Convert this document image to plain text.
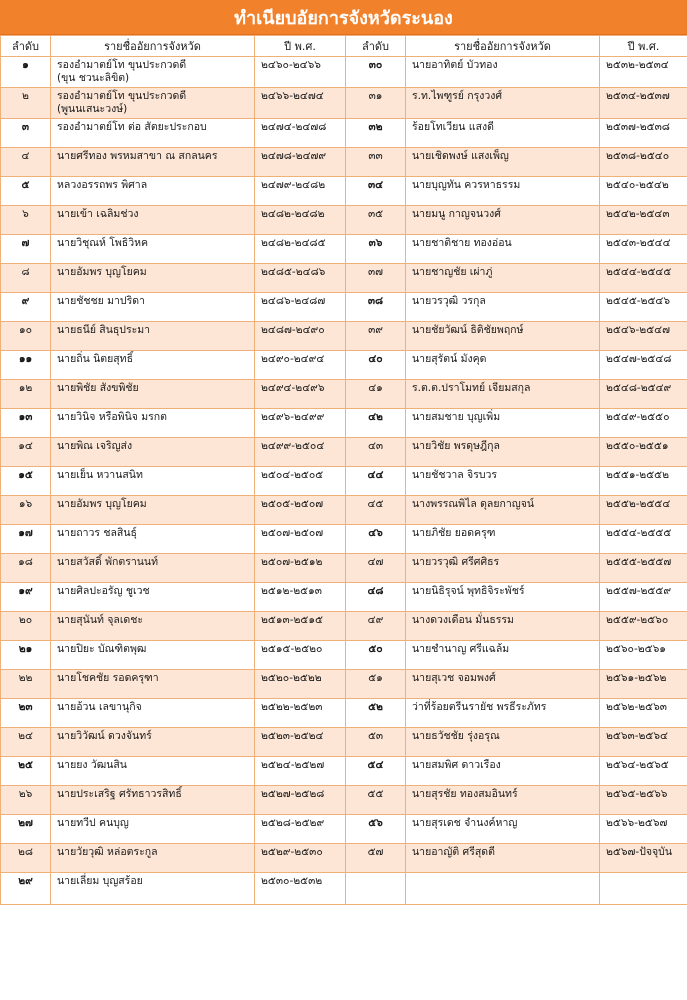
ทำเนียบอัยการจังหวัดระนอง
ลำดับ	รายชื่ออัยการจังหวัด	ปี พ.ศ.	ลำดับ	รายชื่ออัยการจังหวัด	ปี พ.ศ.
๑	รองอำมาตย์โท ขุนประกวดดี
(ขุน ชวนะลิขิต)	๒๔๖๐-๒๔๖๖	๓๐	นายอาทิตย์ บัวทอง	๒๕๓๒-๒๕๓๔
๒	รองอำมาตย์โท ขุนประกวดดี
(พูนนเสนะวงษ์)	๒๔๖๖-๒๔๗๔	๓๑	ร.ท.ไพฑูรย์ กรุงวงศ์	๒๕๓๔-๒๕๓๗
๓	รองอำมาตย์โท ต่อ สัตยะประกอบ	๒๔๗๔-๒๔๗๘	๓๒	ร้อยโทเวียน แสงดี	๒๕๓๗-๒๕๓๘
๔	นายศรีทอง พรหมสาขา ณ สกลนคร	๒๔๗๘-๒๔๗๙	๓๓	นายเชิดพงษ์ แสงเพ็ญ	๒๕๓๘-๒๕๔๐
๕	หลวงอรรถพร พิศาล	๒๔๗๙-๒๔๘๒	๓๔	นายบุญทัน ควรหาธรรม	๒๕๔๐-๒๕๔๒
๖	นายเข้า เฉลิมช่วง	๒๔๘๒-๒๔๘๒	๓๕	นายมนู กาญจนวงศ์	๒๕๔๒-๒๕๔๓
๗	นายวิชุณห์ โพธิวิหค	๒๔๘๒-๒๔๘๕	๓๖	นายชาติชาย ทองอ่อน	๒๕๔๓-๒๕๔๔
๘	นายอัมพร บุญโยคม	๒๔๘๕-๒๔๘๖	๓๗	นายชาญชัย เผ่าภู่	๒๕๔๔-๒๕๔๕
๙	นายชัชชย มาปริดา	๒๔๘๖-๒๔๘๗	๓๘	นายวรวุฒิ วรกุล	๒๕๔๕-๒๕๔๖
๑๐	นายธนีย์ สินธุประมา	๒๔๘๗-๒๔๙๐	๓๙	นายชัยวัฒน์ ธิติชัยพฤกษ์	๒๕๔๖-๒๕๔๗
๑๑	นายถิ่น นิตยสุทธิ์	๒๔๙๐-๒๔๙๔	๔๐	นายสุรัตน์ มังคุด	๒๕๔๗-๒๕๔๘
๑๒	นายพิชัย สังขพิชัย	๒๔๙๔-๒๔๙๖	๔๑	ร.ต.ต.ปราโมทย์ เจียมสกุล	๒๕๔๘-๒๕๔๙
๑๓	นายวินิจ หรือพินิจ มรกต	๒๔๙๖-๒๔๙๙	๔๒	นายสมชาย บุญเพิ่ม	๒๕๔๙-๒๕๕๐
๑๔	นายพิณ เจริญส่ง	๒๔๙๙-๒๕๐๔	๔๓	นายวิชัย พรดุษฎีกุล	๒๕๕๐-๒๕๕๑
๑๕	นายเย็น หวานสนิท	๒๕๐๔-๒๕๐๕	๔๔	นายชัชวาล จิรบวร	๒๕๕๑-๒๕๕๒
๑๖	นายอัมพร บุญโยคม	๒๕๐๕-๒๕๐๗	๔๕	นางพรรณพิไล ดุลยกาญจน์	๒๕๕๒-๒๕๕๔
๑๗	นายถาวร ชลสินธุ์	๒๕๐๗-๒๕๐๗	๔๖	นายภิชัย ยอดครุฑ	๒๕๕๔-๒๕๕๕
๑๘	นายสวัสดิ์ พักตรานนท์	๒๕๐๗-๒๕๑๒	๔๗	นายวรวุฒิ ศรีศศิธร	๒๕๕๕-๒๕๕๗
๑๙	นายศิลปะอรัญ ชูเวช	๒๕๑๒-๒๕๑๓	๔๘	นายนิธิรุจน์ พุทธิจิระพัชร์	๒๕๕๗-๒๕๕๙
๒๐	นายสุนันท์ จุลเดชะ	๒๕๑๓-๒๕๑๕	๔๙	นางดวงเดือน มั่นธรรม	๒๕๕๙-๒๕๖๐
๒๑	นายปิยะ บัณฑิตพุฒ	๒๕๑๕-๒๕๒๐	๕๐	นายชำนาญ ศรีแฉล้ม	๒๕๖๐-๒๕๖๑
๒๒	นายโชคชัย รอดครุฑา	๒๕๒๐-๒๕๒๒	๕๑	นายสุเวช จอมพงศ์	๒๕๖๑-๒๕๖๒
๒๓	นายอ้วน เลขานุกิจ	๒๕๒๒-๒๕๒๓	๕๒	ว่าที่ร้อยตรีนรายัช พรธีระภัทร	๒๕๖๒-๒๕๖๓
๒๔	นายวิวัฒน์ ดวงจันทร์	๒๕๒๓-๒๕๒๔	๕๓	นายธวัชชัย รุ่งอรุณ	๒๕๖๓-๒๕๖๔
๒๕	นายยง วัฒนสิน	๒๕๒๔-๒๕๒๗	๕๔	นายสมพิศ ดาวเรือง	๒๕๖๔-๒๕๖๕
๒๖	นายประเสริฐ ศรัทธาวรสิทธิ์	๒๕๒๗-๒๕๒๘	๕๕	นายสุรชัย ทองสมอินทร์	๒๕๖๕-๒๕๖๖
๒๗	นายทวีป คนบุญ	๒๕๒๘-๒๕๒๙	๕๖	นายสุรเดช จำนงค์หาญ	๒๕๖๖-๒๕๖๗
๒๘	นายวัยวุฒิ หล่อตระกูล	๒๕๒๙-๒๕๓๐	๕๗	นายอาญัติ ศรีสุดตี	๒๕๖๗-ปัจจุบัน
๒๙	นายเลี่ยม บุญสร้อย	๒๕๓๐-๒๕๓๒			
